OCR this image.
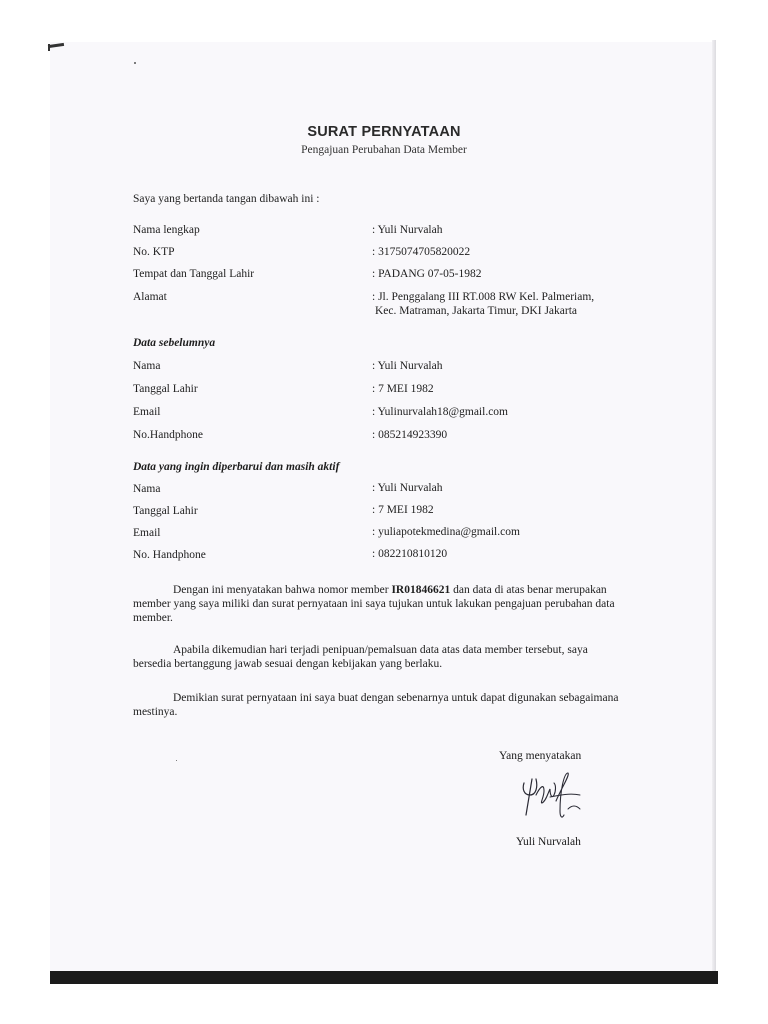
SURAT PERNYATAAN
Pengajuan Perubahan Data Member
Saya yang bertanda tangan dibawah ini :
Nama lengkap	: Yuli Nurvalah
No. KTP	: 3175074705820022
Tempat dan Tanggal Lahir	: PADANG 07-05-1982
Alamat	: Jl. Penggalang III RT.008 RW Kel. Palmeriam,
Kec. Matraman, Jakarta Timur, DKI Jakarta
Data sebelumnya
Nama	: Yuli Nurvalah
Tanggal Lahir	: 7 MEI 1982
Email	: Yulinurvalah18@gmail.com
No.Handphone	: 085214923390
Data yang ingin diperbarui dan masih aktif
Nama	: Yuli Nurvalah
Tanggal Lahir	: 7 MEI 1982
Email	: yuliapotekmedina@gmail.com
No. Handphone	: 082210810120
Dengan ini menyatakan bahwa nomor member IR01846621 dan data di atas benar merupakan member yang saya miliki dan surat pernyataan ini saya tujukan untuk lakukan pengajuan perubahan data member.
Apabila dikemudian hari terjadi penipuan/pemalsuan data atas data member tersebut, saya bersedia bertanggung jawab sesuai dengan kebijakan yang berlaku.
Demikian surat pernyataan ini saya buat dengan sebenarnya untuk dapat digunakan sebagaimana mestinya.
Yang menyatakan
Yuli Nurvalah
